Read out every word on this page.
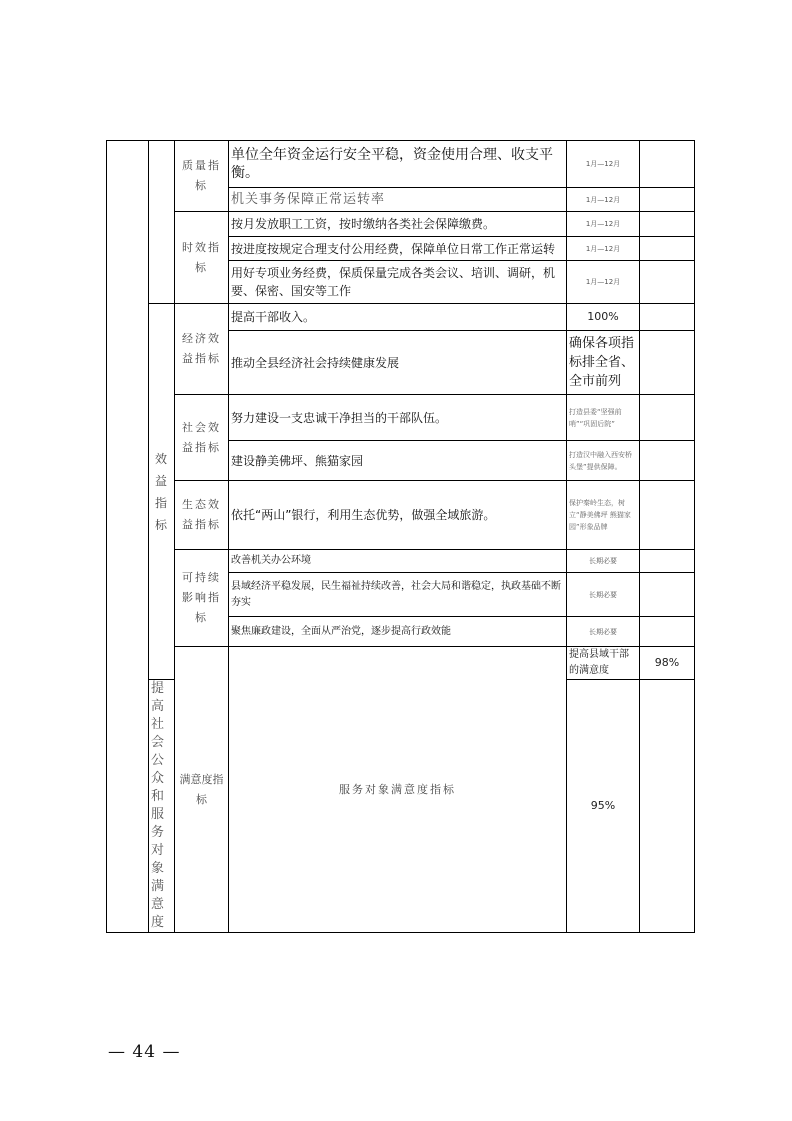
		质量指标	单位全年资金运行安全平稳，资金使用合理、收支平衡。	1月—12月		
			机关事务保障正常运转率	1月—12月		
		时效指标	按月发放职工工资，按时缴纳各类社会保障缴费。	1月—12月		
			按进度按规定合理支付公用经费，保障单位日常工作正常运转	1月—12月		
			用好专项业务经费，保质保量完成各类会议、培训、调研，机要、保密、国安等工作	1月—12月		

	效益指标	经济效益指标	提高干部收入。	100%		
			推动全县经济社会持续健康发展	确保各项指标排全省、全市前列		
		社会效益指标	努力建设一支忠诚干净担当的干部队伍。	打造县委“坚强前哨”“巩固后院”		
			建设静美佛坪、熊猫家园	打造汉中融入西安桥头堡”提供保障。		
		生态效益指标	依托“两山”银行，利用生态优势，做强全域旅游。	保护秦岭生态，树立“静美佛坪 熊猫家园”形象品牌		
		可持续影响指标	改善机关办公环境	长期必要		
			县域经济平稳发展，民生福祉持续改善，社会大局和谐稳定，执政基础不断夯实	长期必要		
			聚焦廉政建设，全面从严治党，逐步提高行政效能	长期必要		
		满意度指标	服务对象满意度指标	提高县域干部的满意度	98%	
	提高社会公众和服务对象满意度			95%		
— 44 —
